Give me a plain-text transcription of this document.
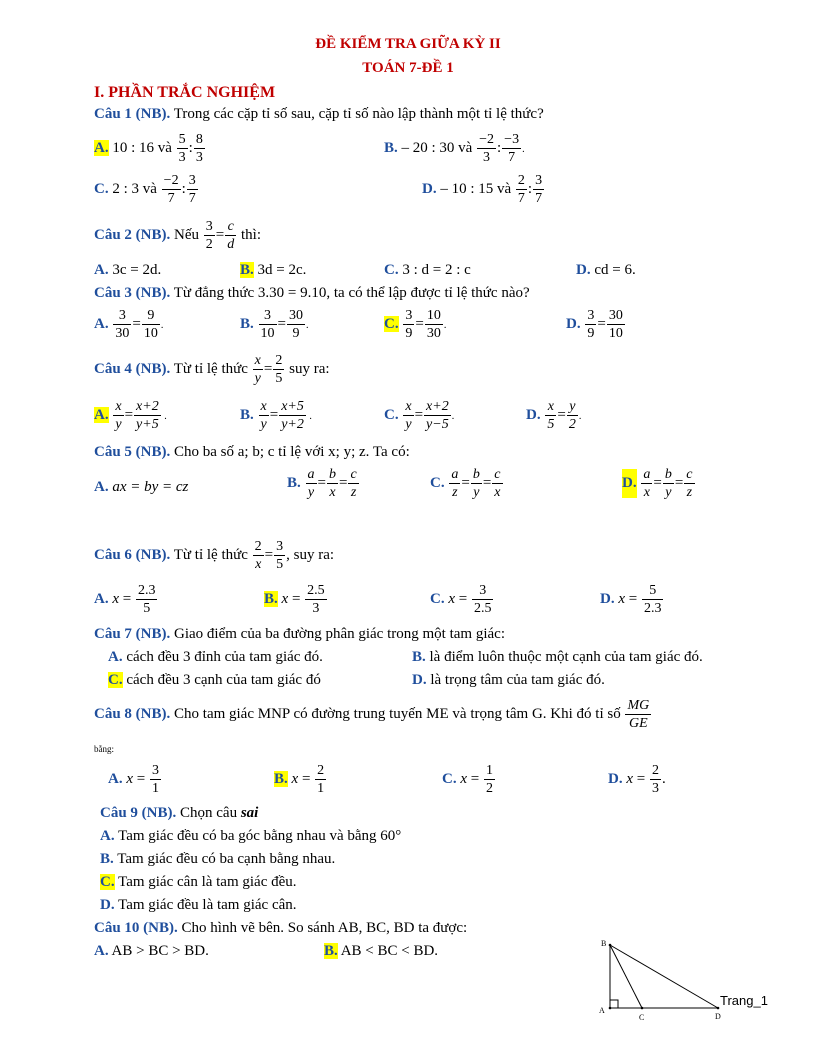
ĐỀ KIỂM TRA GIỮA KỲ II
TOÁN 7-ĐỀ 1
I. PHẦN TRẮC NGHIỆM
Câu 1 (NB). Trong các cặp tỉ số sau, cặp tỉ số nào lập thành một tỉ lệ thức?
A. 10 : 16 và $\frac{5}{3}$ : $\frac{8}{3}$	B. – 20 : 30 và $\frac{-2}{3}$ : $\frac{-3}{7}$ .
C. 2 : 3 và $\frac{-2}{7}$ : $\frac{3}{7}$	D. – 10 : 15 và $\frac{2}{7}$ : $\frac{3}{7}$
Câu 2 (NB). Nếu $\frac{3}{2} = \frac{c}{d}$ thì:
A. 3c = 2d.	B. 3d = 2c.	C. 3 : d = 2 : c	D. cd = 6.
Câu 3 (NB). Từ đẳng thức 3.30 = 9.10, ta có thể lập được tỉ lệ thức nào?
A. $\frac{3}{30} = \frac{9}{10}$ .	B. $\frac{3}{10} = \frac{30}{9}$ .	C. $\frac{3}{9} = \frac{10}{30}$ .	D. $\frac{3}{9} = \frac{30}{10}$
Câu 4 (NB). Từ tỉ lệ thức $\frac{x}{y} = \frac{2}{5}$ suy ra:
A. $\frac{x}{y} = \frac{x+2}{y+5}$ .	B. $\frac{x}{y} = \frac{x+5}{y+2}$ .	C. $\frac{x}{y} = \frac{x+2}{y-5}$ .	D. $\frac{x}{5} = \frac{y}{2}$ .
Câu 5 (NB). Cho ba số a; b; c tỉ lệ với x; y; z. Ta có:
A. ax = by = cz	B. $\frac{a}{y} = \frac{b}{x} = \frac{c}{z}$	C. $\frac{a}{z} = \frac{b}{y} = \frac{c}{x}$	D. $\frac{a}{x} = \frac{b}{y} = \frac{c}{z}$
Câu 6 (NB). Từ tỉ lệ thức $\frac{2}{x} = \frac{3}{5}$ , suy ra:
A. $x = \frac{2.3}{5}$	B. $x = \frac{2.5}{3}$	C. $x = \frac{3}{2.5}$	D. $x = \frac{5}{2.3}$
Câu 7 (NB). Giao điểm của ba đường phân giác trong một tam giác:
A. cách đều 3 đỉnh của tam giác đó.	B. là điểm luôn thuộc một cạnh của tam giác đó.
C. cách đều 3 cạnh của tam giác đó	D. là trọng tâm của tam giác đó.
Câu 8 (NB). Cho tam giác MNP có đường trung tuyến ME và trọng tâm G. Khi đó tỉ số $\frac{MG}{GE}$
bằng:
A. $x = \frac{3}{1}$	B. $x = \frac{2}{1}$	C. $x = \frac{1}{2}$	D. $x = \frac{2}{3}$ .
Câu 9 (NB). Chọn câu sai
A. Tam giác đều có ba góc bằng nhau và bằng 60°
B. Tam giác đều có ba cạnh bằng nhau.
C. Tam giác cân là tam giác đều.
D. Tam giác đều là tam giác cân.
Câu 10 (NB). Cho hình vẽ bên. So sánh AB, BC, BD ta được:
A. AB > BC > BD.	B. AB < BC < BD.	B
A
C	D
Trang_1
